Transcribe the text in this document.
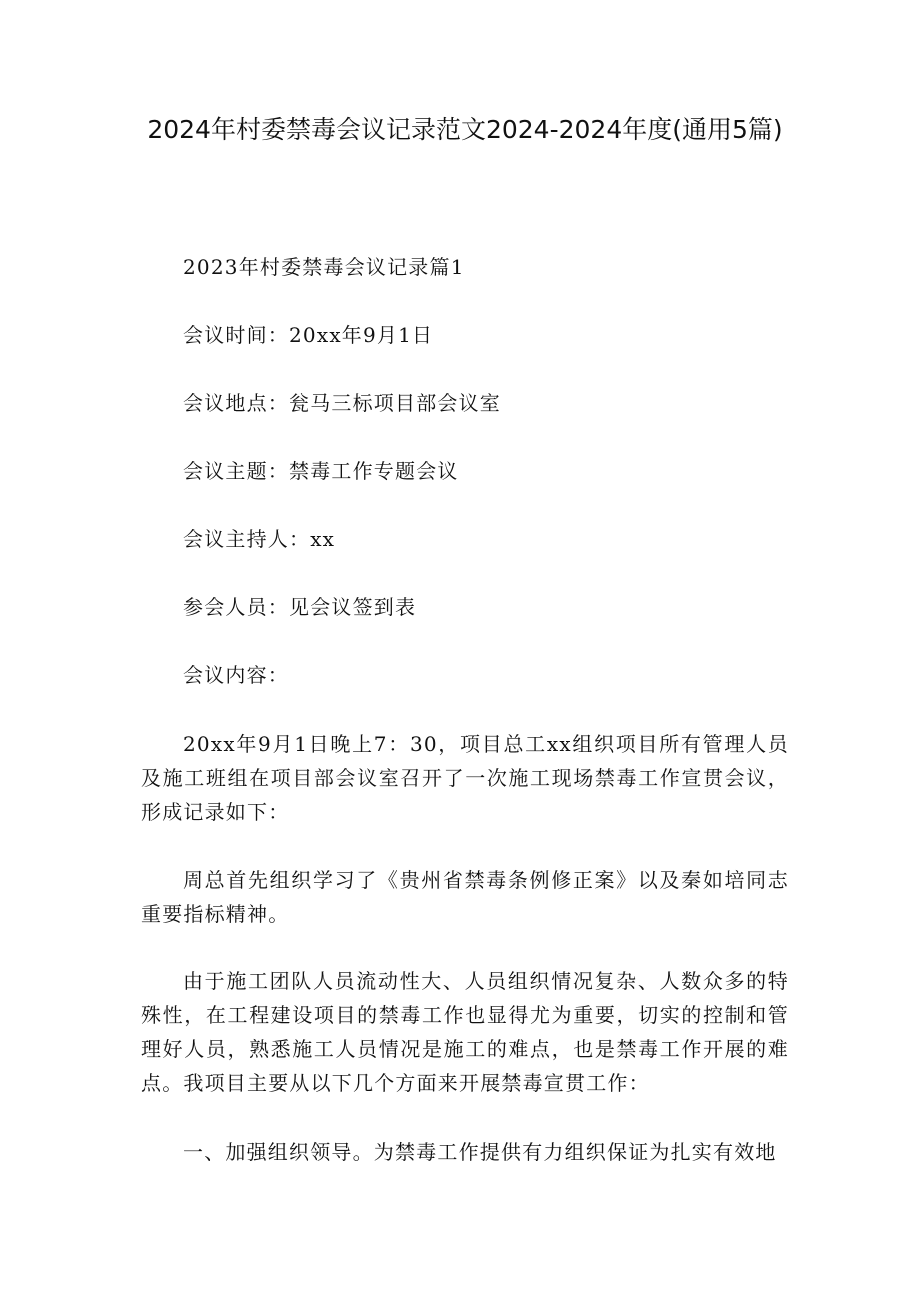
2024年村委禁毒会议记录范文2024-2024年度(通用5篇)

2023年村委禁毒会议记录篇1

会议时间：20xx年9月1日

会议地点：瓮马三标项目部会议室

会议主题：禁毒工作专题会议

会议主持人：xx

参会人员：见会议签到表

会议内容：

20xx年9月1日晚上7：30，项目总工xx组织项目所有管理人员及施工班组在项目部会议室召开了一次施工现场禁毒工作宣贯会议，形成记录如下：

周总首先组织学习了《贵州省禁毒条例修正案》以及秦如培同志重要指标精神。

由于施工团队人员流动性大、人员组织情况复杂、人数众多的特殊性，在工程建设项目的禁毒工作也显得尤为重要，切实的控制和管理好人员，熟悉施工人员情况是施工的难点，也是禁毒工作开展的难点。我项目主要从以下几个方面来开展禁毒宣贯工作：

一、加强组织领导。为禁毒工作提供有力组织保证为扎实有效地
